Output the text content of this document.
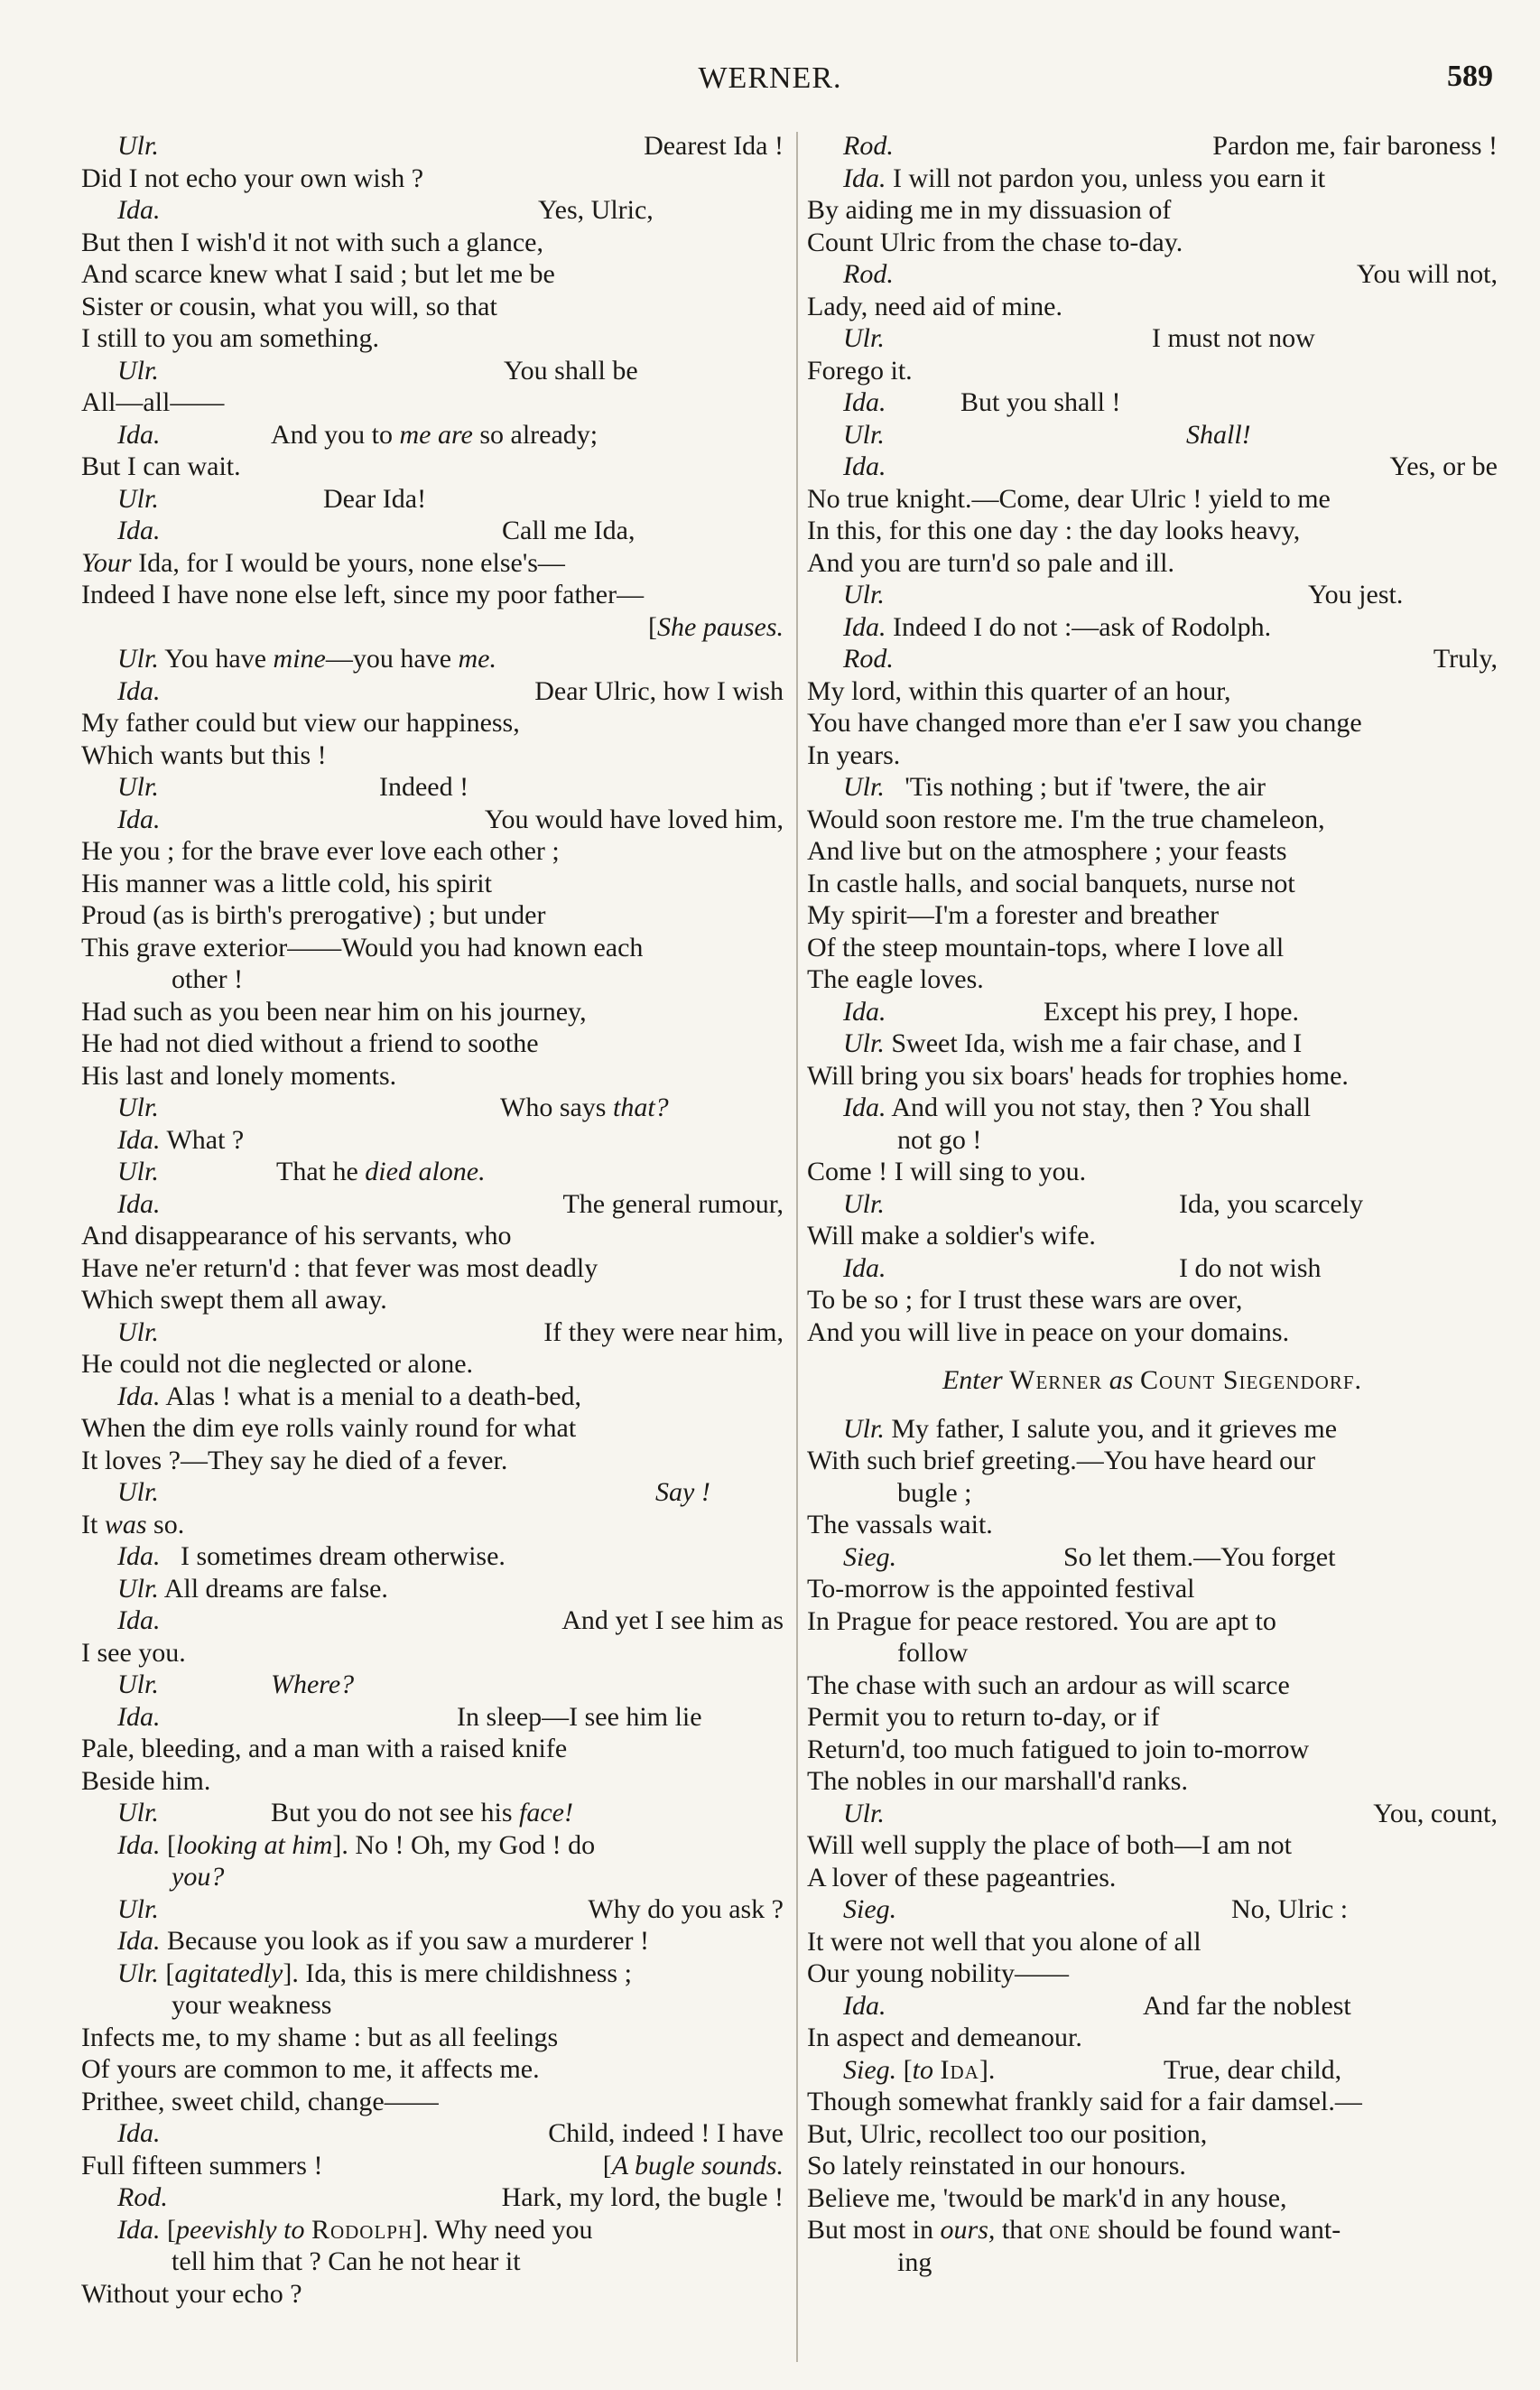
WERNER.	589
Ulr.	Dearest Ida !
Did I not echo your own wish ?
Ida.	Yes, Ulric,
But then I wish'd it not with such a glance,
And scarce knew what I said ; but let me be
Sister or cousin, what you will, so that
I still to you am something.
Ulr.	You shall be
All—all——
Ida.	And you to me are so already;
But I can wait.
Ulr.	Dear Ida!
Ida.	Call me Ida,
Your Ida, for I would be yours, none else's—
Indeed I have none else left, since my poor father—
[She pauses.
Ulr. You have mine—you have me.
Ida.	Dear Ulric, how I wish
My father could but view our happiness,
Which wants but this !
Ulr.	Indeed !
Ida.	You would have loved him,
He you ; for the brave ever love each other ;
His manner was a little cold, his spirit
Proud (as is birth's prerogative) ; but under
This grave exterior——Would you had known each
other !
Had such as you been near him on his journey,
He had not died without a friend to soothe
His last and lonely moments.
Ulr.	Who says that?
Ida. What ?
Ulr.	That he died alone.
Ida.	The general rumour,
And disappearance of his servants, who
Have ne'er return'd : that fever was most deadly
Which swept them all away.
Ulr.	If they were near him,
He could not die neglected or alone.
Ida. Alas ! what is a menial to a death-bed,
When the dim eye rolls vainly round for what
It loves ?—They say he died of a fever.
Ulr.	Say !
It was so.
Ida. I sometimes dream otherwise.
Ulr. All dreams are false.
Ida.	And yet I see him as
I see you.
Ulr.	Where?
Ida.	In sleep—I see him lie
Pale, bleeding, and a man with a raised knife
Beside him.
Ulr.	But you do not see his face!
Ida. [looking at him]. No ! Oh, my God ! do
you?
Ulr.	Why do you ask ?
Ida. Because you look as if you saw a murderer !
Ulr. [agitatedly]. Ida, this is mere childishness ;
your weakness
Infects me, to my shame : but as all feelings
Of yours are common to me, it affects me.
Prithee, sweet child, change——
Ida.	Child, indeed ! I have
Full fifteen summers !	[A bugle sounds.
Rod.	Hark, my lord, the bugle !
Ida. [peevishly to Rodolph]. Why need you
tell him that ? Can he not hear it
Without your echo ?
Rod.	Pardon me, fair baroness !
Ida. I will not pardon you, unless you earn it
By aiding me in my dissuasion of
Count Ulric from the chase to-day.
Rod.	You will not,
Lady, need aid of mine.
Ulr.	I must not now
Forego it.
Ida.	But you shall !
Ulr.	Shall!
Ida.	Yes, or be
No true knight.—Come, dear Ulric ! yield to me
In this, for this one day : the day looks heavy,
And you are turn'd so pale and ill.
Ulr.	You jest.
Ida. Indeed I do not :—ask of Rodolph.
Rod.	Truly,
My lord, within this quarter of an hour,
You have changed more than e'er I saw you change
In years.
Ulr. 'Tis nothing ; but if 'twere, the air
Would soon restore me. I'm the true chameleon,
And live but on the atmosphere ; your feasts
In castle halls, and social banquets, nurse not
My spirit—I'm a forester and breather
Of the steep mountain-tops, where I love all
The eagle loves.
Ida.	Except his prey, I hope.
Ulr. Sweet Ida, wish me a fair chase, and I
Will bring you six boars' heads for trophies home.
Ida. And will you not stay, then ? You shall
not go !
Come ! I will sing to you.
Ulr.	Ida, you scarcely
Will make a soldier's wife.
Ida.	I do not wish
To be so ; for I trust these wars are over,
And you will live in peace on your domains.
Enter Werner as Count Siegendorf.
Ulr. My father, I salute you, and it grieves me
With such brief greeting.—You have heard our
bugle ;
The vassals wait.
Sieg.	So let them.—You forget
To-morrow is the appointed festival
In Prague for peace restored. You are apt to
follow
The chase with such an ardour as will scarce
Permit you to return to-day, or if
Return'd, too much fatigued to join to-morrow
The nobles in our marshall'd ranks.
Ulr.	You, count,
Will well supply the place of both—I am not
A lover of these pageantries.
Sieg.	No, Ulric :
It were not well that you alone of all
Our young nobility——
Ida.	And far the noblest
In aspect and demeanour.
Sieg. [to Ida].	True, dear child,
Though somewhat frankly said for a fair damsel.—
But, Ulric, recollect too our position,
So lately reinstated in our honours.
Believe me, 'twould be mark'd in any house,
But most in ours, that one should be found want-
ing
